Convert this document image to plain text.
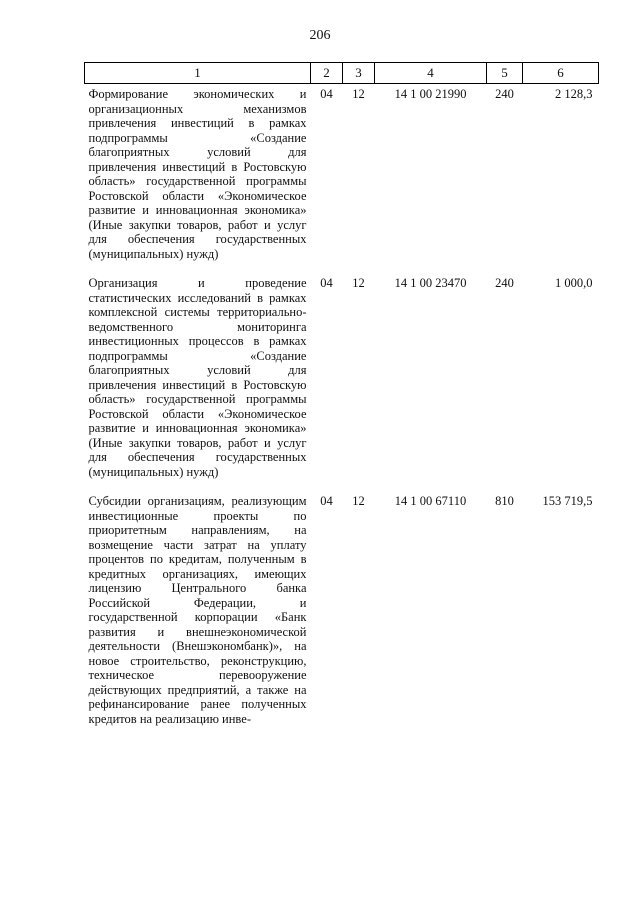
206
1	2	3	4	5	6
Формирование экономических и организационных механизмов привлечения инвестиций в рамках подпрограммы «Создание благоприятных условий для привлечения инвестиций в Ростовскую область» государственной программы Ростовской области «Экономическое развитие и инновационная экономика» (Иные закупки товаров, работ и услуг для обеспечения государственных (муниципальных) нужд)	04	12	14 1 00 21990	240	2 128,3
Организация и проведение статистических исследований в рамках комплексной системы территориально-ведомственного мониторинга инвестиционных процессов в рамках подпрограммы «Создание благоприятных условий для привлечения инвестиций в Ростовскую область» государственной программы Ростовской области «Экономическое развитие и инновационная экономика» (Иные закупки товаров, работ и услуг для обеспечения государственных (муниципальных) нужд)	04	12	14 1 00 23470	240	1 000,0
Субсидии организациям, реализующим инвестиционные проекты по приоритетным направлениям, на возмещение части затрат на уплату процентов по кредитам, полученным в кредитных организациях, имеющих лицензию Центрального банка Российской Федерации, и государственной корпорации «Банк развития и внешнеэкономической деятельности (Внешэкономбанк)», на новое строительство, реконструкцию, техническое перевооружение действующих предприятий, а также на рефинансирование ранее полученных кредитов на реализацию инве-	04	12	14 1 00 67110	810	153 719,5
